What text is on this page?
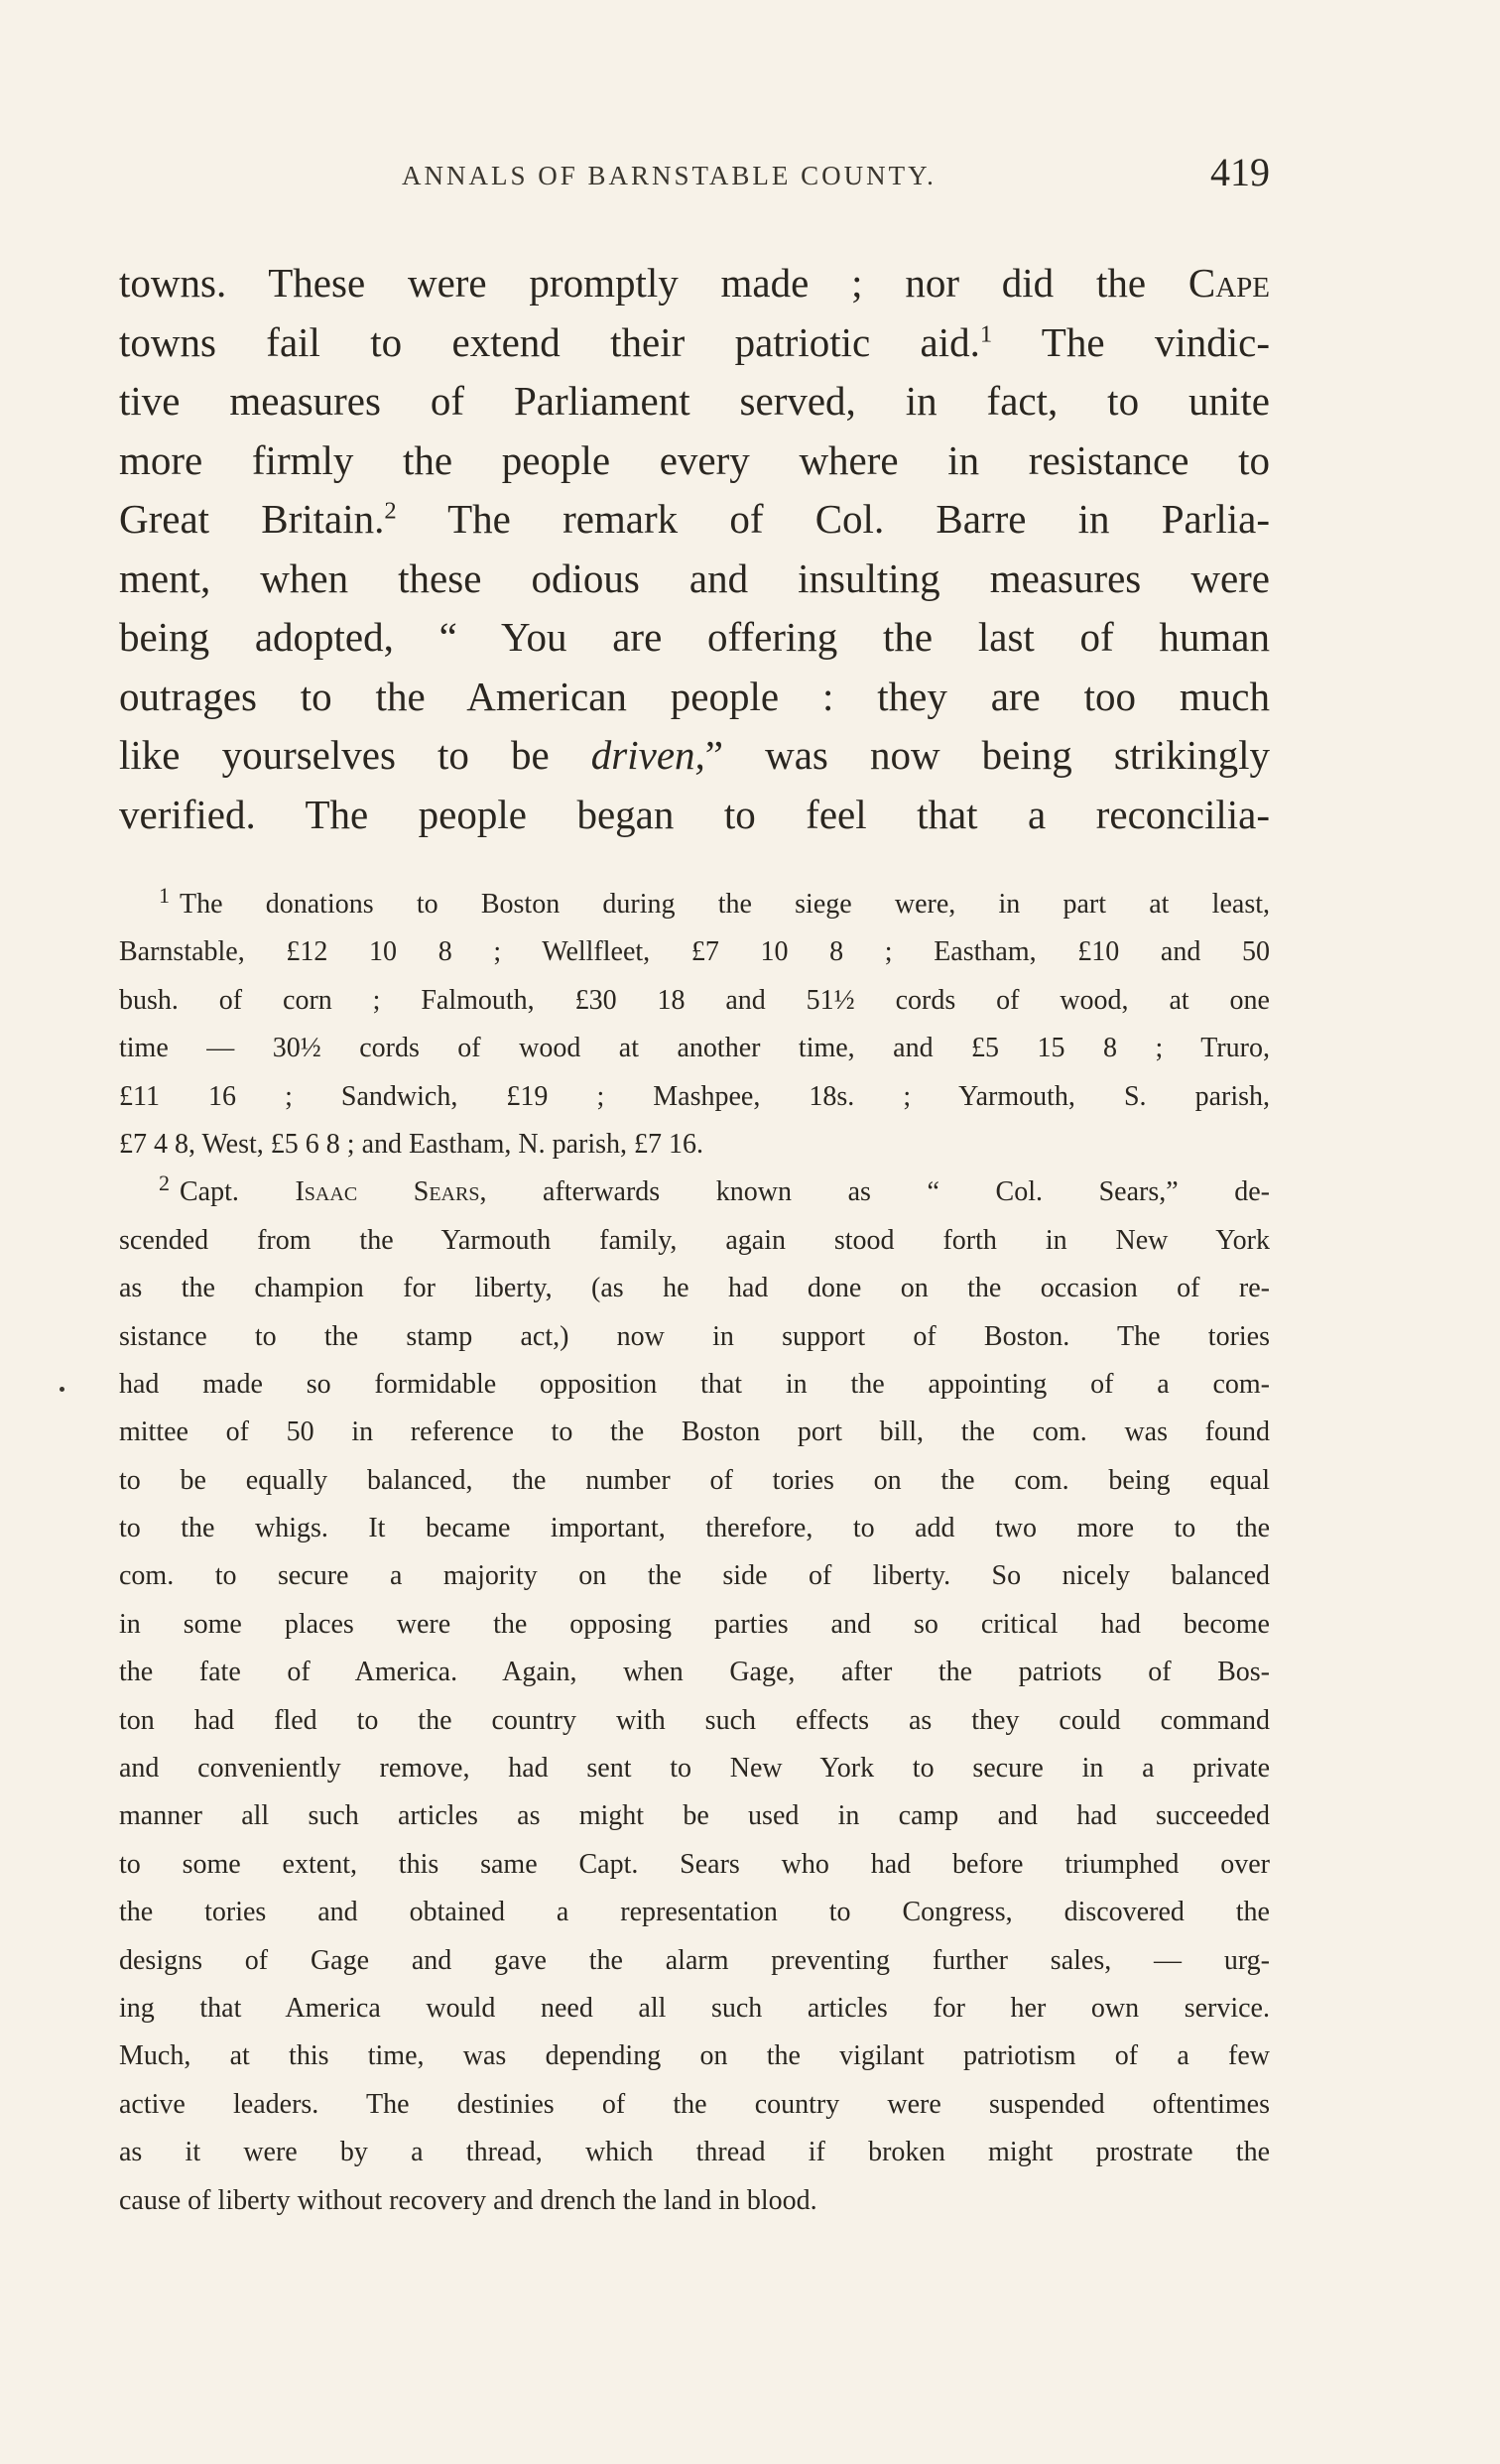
ANNALS OF BARNSTABLE COUNTY.	419
towns. These were promptly made ; nor did the Cape
towns fail to extend their patriotic aid.$^1$ The vindic-
tive measures of Parliament served, in fact, to unite
more firmly the people every where in resistance to
Great Britain.$^2$ The remark of Col. Barre in Parlia-
ment, when these odious and insulting measures were
being adopted, “ You are offering the last of human
outrages to the American people : they are too much
like yourselves to be driven,” was now being strikingly
verified. The people began to feel that a reconcilia-
$^1$ The donations to Boston during the siege were, in part at least,
Barnstable, £12 10 8 ; Wellfleet, £7 10 8 ; Eastham, £10 and 50
bush. of corn ; Falmouth, £30 18 and 51½ cords of wood, at one
time — 30½ cords of wood at another time, and £5 15 8 ; Truro,
£11 16 ; Sandwich, £19 ; Mashpee, 18s. ; Yarmouth, S. parish,
£7 4 8, West, £5 6 8 ; and Eastham, N. parish, £7 16.
$^2$ Capt. Isaac Sears, afterwards known as “ Col. Sears,” de-
scended from the Yarmouth family, again stood forth in New York
as the champion for liberty, (as he had done on the occasion of re-
sistance to the stamp act,) now in support of Boston. The tories
had made so formidable opposition that in the appointing of a com-
mittee of 50 in reference to the Boston port bill, the com. was found
to be equally balanced, the number of tories on the com. being equal
to the whigs. It became important, therefore, to add two more to the
com. to secure a majority on the side of liberty. So nicely balanced
in some places were the opposing parties and so critical had become
the fate of America. Again, when Gage, after the patriots of Bos-
ton had fled to the country with such effects as they could command
and conveniently remove, had sent to New York to secure in a private
manner all such articles as might be used in camp and had succeeded
to some extent, this same Capt. Sears who had before triumphed over
the tories and obtained a representation to Congress, discovered the
designs of Gage and gave the alarm preventing further sales, — urg-
ing that America would need all such articles for her own service.
Much, at this time, was depending on the vigilant patriotism of a few
active leaders. The destinies of the country were suspended oftentimes
as it were by a thread, which thread if broken might prostrate the
cause of liberty without recovery and drench the land in blood.
